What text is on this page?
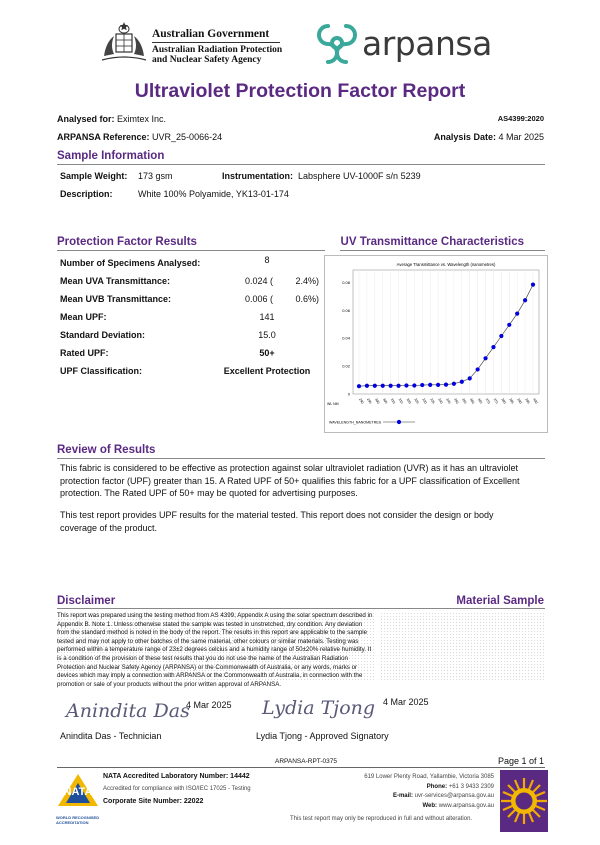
Australian Government
Australian Radiation Protection
and Nuclear Safety Agency	arpansa
Ultraviolet Protection Factor Report
Analysed for: Eximtex Inc.	AS4399:2020
ARPANSA Reference: UVR_25-0066-24	Analysis Date: 4 Mar 2025
Sample Information
Sample Weight: 173 gsm	Instrumentation: Labsphere UV-1000F s/n 5239
Description:	White 100% Polyamide, YK13-01-174
Protection Factor Results
Number of Specimens Analysed:	8
Mean UVA Transmittance:	0.024 ( 2.4%)
Mean UVB Transmittance:	0.006 ( 0.6%)
Mean UPF:	141
Standard Deviation:	15.0
Rated UPF:	50+
UPF Classification:	Excellent Protection
UV Transmittance Characteristics
Average Transmittance vs. Wavelength (nanometres)
0
0.02
0.04
0.06
0.08
WL NM	290 295 300 305 310 315 320 325 330 335 340 345 350 355 360 365 370 375 380 385 390 395 400
WAVELENGTH_NANOMETRES
Review of Results
This fabric is considered to be effective as protection against solar ultraviolet radiation (UVR) as it has an ultraviolet protection factor (UPF) greater than 15. A Rated UPF of 50+ qualifies this fabric for a UPF classification of Excellent protection. The Rated UPF of 50+ may be quoted for advertising purposes.
This test report provides UPF results for the material tested. This report does not consider the design or body coverage of the product.
Disclaimer	Material Sample
This report was prepared using the testing method from AS 4399, Appendix A using the solar spectrum described in Appendix B. Note 1. Unless otherwise stated the sample was tested in unstretched, dry condition. Any deviation from the standard method is noted in the body of the report. The results in this report are applicable to the sample tested and may not apply to other batches of the same material, other colours or similar materials. Testing was performed within a temperature range of 23±2 degrees celcius and a humidity range of 50±20% relative humidity. It is a condition of the provision of these test results that you do not use the name of the Australian Radiation Protection and Nuclear Safety Agency (ARPANSA) or the Commonwealth of Australia, or any words, marks or devices which may imply a connection with ARPANSA or the Commonwealth of Australia, in connection with the promotion or sale of your products without the prior written approval of ARPANSA.
Anindita Das
4 Mar 2025
Anindita Das - Technician
Lydia Tjong 4 Mar 2025
Lydia Tjong - Approved Signatory
ARPANSA-RPT-0375	Page 1 of 1
NATA
WORLD RECOGNISED
ACCREDITATION
NATA Accredited Laboratory Number: 14442
Accredited for compliance with ISO/IEC 17025 - Testing
Corporate Site Number: 22022
619 Lower Plenty Road, Yallambie, Victoria 3085
Phone: +61 3 9433 2309
E-mail: uvr-services@arpansa.gov.au
Web: www.arpansa.gov.au
This test report may only be reproduced in full and without alteration.
